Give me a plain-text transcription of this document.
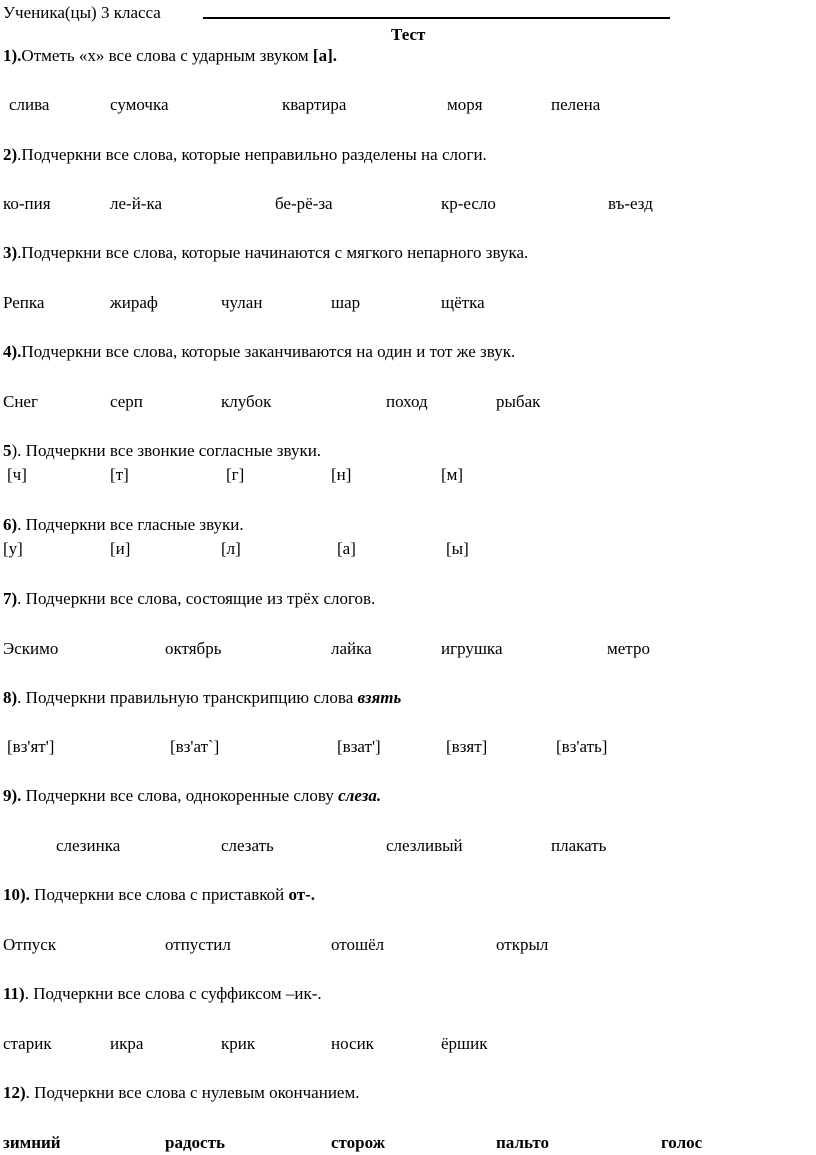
Ученика(цы) 3 класса
Тест
1).Отметь «х» все слова с ударным звуком [а].
слива	сумочка	квартира	моря	пелена
2).Подчеркни все слова, которые неправильно разделены на слоги.
ко-пия	ле-й-ка	бе-рё-за	кр-есло	въ-езд
3).Подчеркни все слова, которые начинаются с мягкого непарного звука.
Репка	жираф	чулан	шар	щётка
4).Подчеркни все слова, которые заканчиваются на один и тот же звук.
Снег	серп	клубок	поход	рыбак
5). Подчеркни все звонкие согласные звуки.
[ч]	[т]	[г]	[н]	[м]
6). Подчеркни все гласные звуки.
[у]	[и]	[л]	[а]	[ы]
7). Подчеркни все слова, состоящие из трёх слогов.
Эскимо	октябрь	лайка	игрушка	метро
8). Подчеркни правильную транскрипцию слова взять
[вз'ят']	[вз'ат`]	[взат']	[взят]	[вз'ать]
9). Подчеркни все слова, однокоренные слову слеза.
слезинка	слезать	слезливый	плакать
10). Подчеркни все слова с приставкой от-.
Отпуск	отпустил	отошёл	открыл
11). Подчеркни все слова с суффиксом –ик-.
старик	икра	крик	носик	ёршик
12). Подчеркни все слова с нулевым окончанием.
зимний	радость	сторож	пальто	голос
